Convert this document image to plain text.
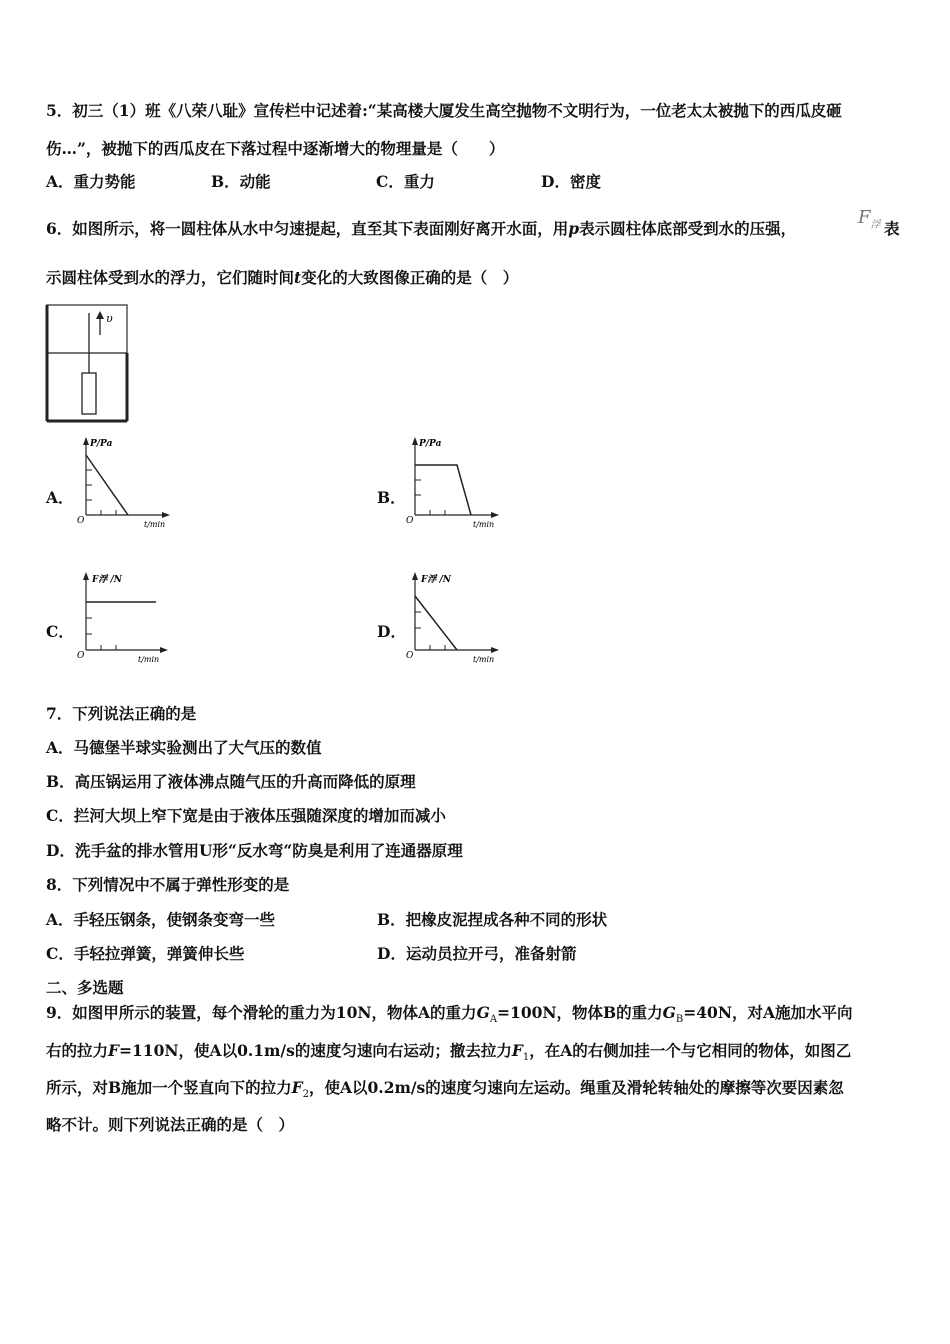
5．初三（1）班《八荣八耻》宣传栏中记述着:“某高楼大厦发生高空抛物不文明行为，一位老太太被抛下的西瓜皮砸
伤…”，被抛下的西瓜皮在下落过程中逐渐增大的物理量是（　　）
A．重力势能	B．动能	C．重力	D．密度
6．如图所示，将一圆柱体从水中匀速提起，直至其下表面刚好离开水面，用p表示圆柱体底部受到水的压强，
$F_浮$ 表
示圆柱体受到水的浮力，它们随时间t变化的大致图像正确的是（　）
υ
A．	B．
C．	D．
P/Pa
O	t/min
P/Pa
O	t/min
F浮 /N
O	t/min
F浮 /N
O	t/min
7．下列说法正确的是
A．马德堡半球实验测出了大气压的数值
B．高压锅运用了液体沸点随气压的升高而降低的原理
C．拦河大坝上窄下宽是由于液体压强随深度的增加而减小
D．洗手盆的排水管用U形“反水弯“防臭是利用了连通器原理
8．下列情况中不属于弹性形变的是
A．手轻压钢条，使钢条变弯一些	B．把橡皮泥捏成各种不同的形状
C．手轻拉弹簧，弹簧伸长些	D．运动员拉开弓，准备射箭
二、多选题
9．如图甲所示的装置，每个滑轮的重力为10N，物体A的重力$G_A=100N$，物体B的重力$G_B=40N$，对A施加水平向
右的拉力F=110N，使A以0.1m/s的速度匀速向右运动；撤去拉力$F_1$，在A的右侧加挂一个与它相同的物体，如图乙
所示，对B施加一个竖直向下的拉力$F_2$，使A以0.2m/s的速度匀速向左运动。绳重及滑轮转轴处的摩擦等次要因素忽
略不计。则下列说法正确的是（　）
